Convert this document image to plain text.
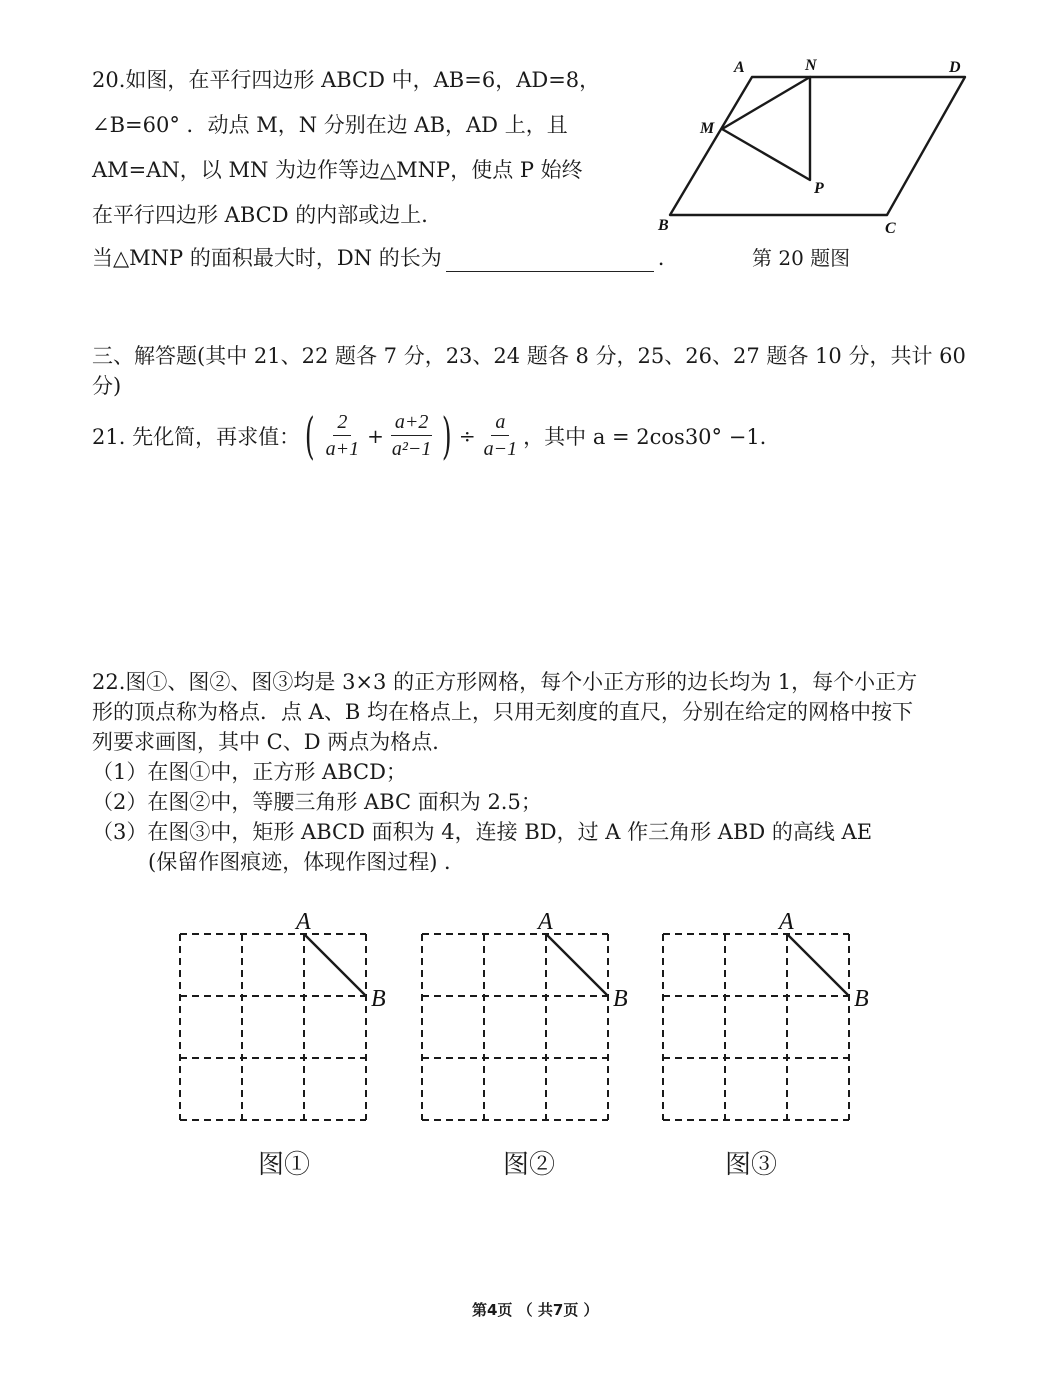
20.如图，在平行四边形 ABCD 中，AB=6，AD=8，
∠B=60° ．动点 M，N 分别在边 AB，AD 上，且
AM=AN，以 MN 为边作等边△MNP，使点 P 始终
在平行四边形 ABCD 的内部或边上．
当△MNP 的面积最大时，DN 的长为	.
A	N	D
M
P
B	C
第 20 题图
三、解答题(其中 21、22 题各 7 分，23、24 题各 8 分，25、26、27 题各 10 分，共计 60
分)
21. 先化简，再求值： ( $\frac{2}{a+1} + \frac{a+2}{\text{a²−1}}$ ) ÷ $\frac{a}{a-1}$ ，其中 a = 2cos30° −1.
22.图①、图②、图③均是 3×3 的正方形网格，每个小正方形的边长均为 1，每个小正方
形的顶点称为格点．点 A、B 均在格点上，只用无刻度的直尺，分别在给定的网格中按下
列要求画图，其中 C、D 两点为格点．
（1）在图①中，正方形 ABCD；
（2）在图②中，等腰三角形 ABC 面积为 2.5；
（3）在图③中，矩形 ABCD 面积为 4，连接 BD，过 A 作三角形 ABD 的高线 AE
(保留作图痕迹，体现作图过程) ．
A
B
A
B
A
B
图①	图②	图③
第4页 （ 共7页 ）
